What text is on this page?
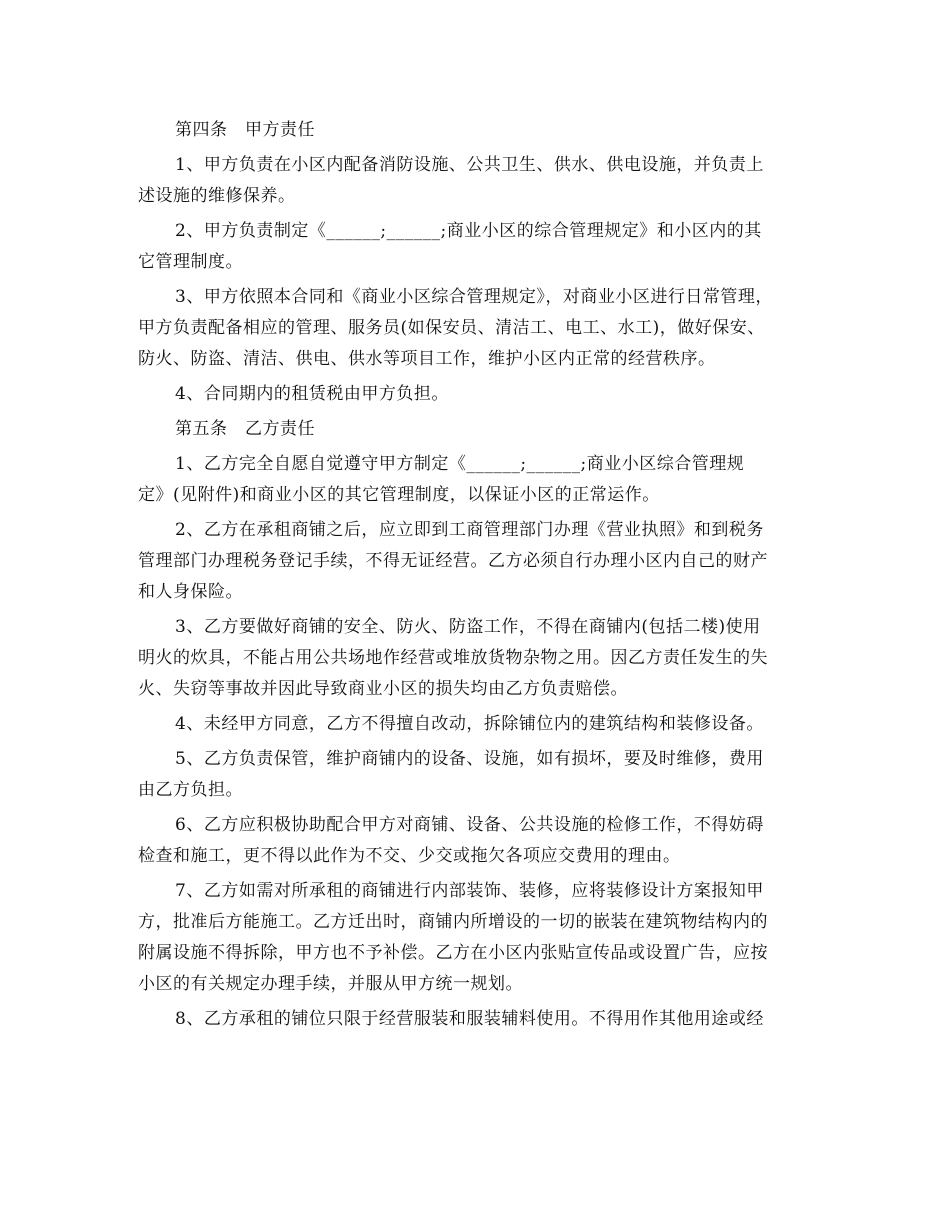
第四条　甲方责任
1、甲方负责在小区内配备消防设施、公共卫生、供水、供电设施，并负责上
述设施的维修保养。
2、甲方负责制定《______;______;商业小区的综合管理规定》和小区内的其
它管理制度。
3、甲方依照本合同和《商业小区综合管理规定》，对商业小区进行日常管理，
甲方负责配备相应的管理、服务员(如保安员、清洁工、电工、水工)，做好保安、
防火、防盗、清洁、供电、供水等项目工作，维护小区内正常的经营秩序。
4、合同期内的租赁税由甲方负担。
第五条　乙方责任
1、乙方完全自愿自觉遵守甲方制定《______;______;商业小区综合管理规
定》(见附件)和商业小区的其它管理制度，以保证小区的正常运作。
2、乙方在承租商铺之后，应立即到工商管理部门办理《营业执照》和到税务
管理部门办理税务登记手续，不得无证经营。乙方必须自行办理小区内自己的财产
和人身保险。
3、乙方要做好商铺的安全、防火、防盗工作，不得在商铺内(包括二楼)使用
明火的炊具，不能占用公共场地作经营或堆放货物杂物之用。因乙方责任发生的失
火、失窃等事故并因此导致商业小区的损失均由乙方负责赔偿。
4、未经甲方同意，乙方不得擅自改动，拆除铺位内的建筑结构和装修设备。
5、乙方负责保管，维护商铺内的设备、设施，如有损坏，要及时维修，费用
由乙方负担。
6、乙方应积极协助配合甲方对商铺、设备、公共设施的检修工作，不得妨碍
检查和施工，更不得以此作为不交、少交或拖欠各项应交费用的理由。
7、乙方如需对所承租的商铺进行内部装饰、装修，应将装修设计方案报知甲
方，批准后方能施工。乙方迁出时，商铺内所增设的一切的嵌装在建筑物结构内的
附属设施不得拆除，甲方也不予补偿。乙方在小区内张贴宣传品或设置广告，应按
小区的有关规定办理手续，并服从甲方统一规划。
8、乙方承租的铺位只限于经营服装和服装辅料使用。不得用作其他用途或经
